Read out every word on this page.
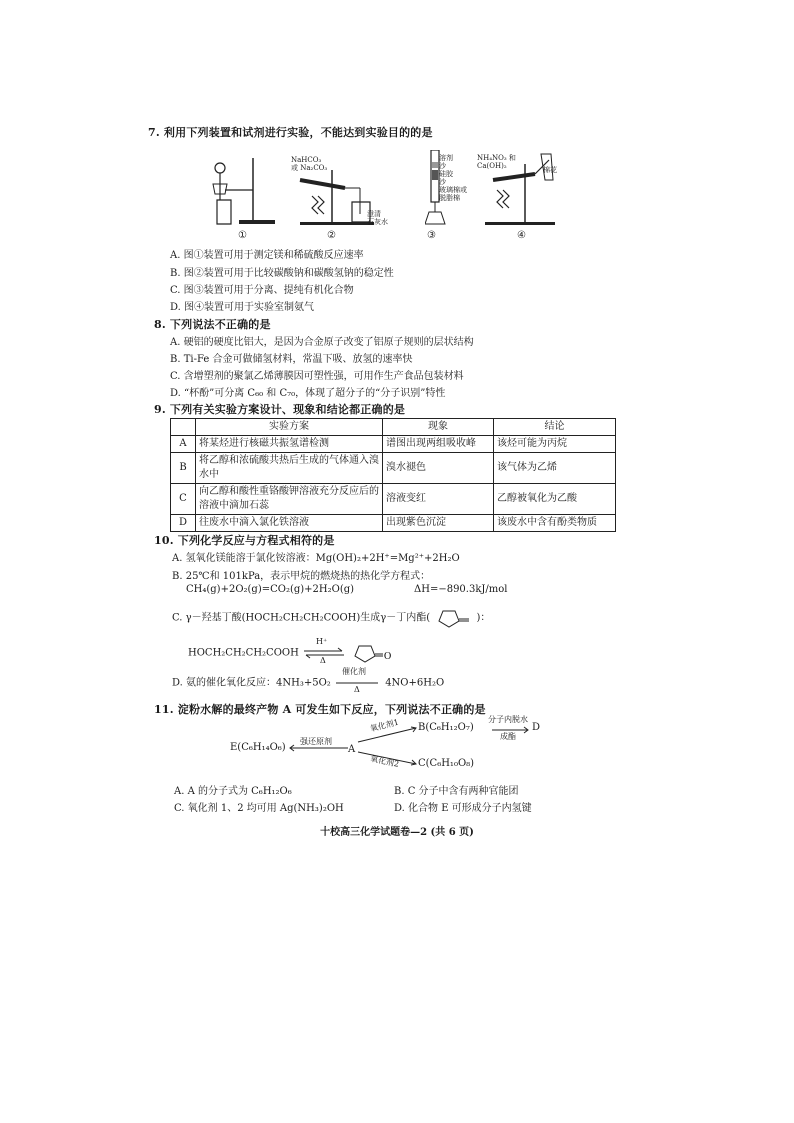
7. 利用下列装置和试剂进行实验，不能达到实验目的的是
①
NaHCO₃
或 Na₂CO₃
澄清
石灰水
②
溶剂
沙
硅胶
沙
玻璃棉或
脱脂棉
③
NH₄NO₃ 和
Ca(OH)₂	棉花
④
A. 图①装置可用于测定镁和稀硫酸反应速率
B. 图②装置可用于比较碳酸钠和碳酸氢钠的稳定性
C. 图③装置可用于分离、提纯有机化合物
D. 图④装置可用于实验室制氨气
8. 下列说法不正确的是
A. 硬铝的硬度比铝大，是因为合金原子改变了铝原子规则的层状结构
B. Ti-Fe 合金可做储氢材料，常温下吸、放氢的速率快
C. 含增塑剂的聚氯乙烯薄膜因可塑性强，可用作生产食品包装材料
D. “杯酚”可分离 C₆₀ 和 C₇₀，体现了超分子的“分子识别”特性
9. 下列有关实验方案设计、现象和结论都正确的是
	实验方案	现象	结论
A	将某烃进行核磁共振氢谱检测	谱图出现两组吸收峰	该烃可能为丙烷
B	将乙醇和浓硫酸共热后生成的气体通入溴水中	溴水褪色	该气体为乙烯
C	向乙醇和酸性重铬酸钾溶液充分反应后的溶液中滴加石蕊	溶液变红	乙醇被氧化为乙酸
D	往废水中滴入氯化铁溶液	出现紫色沉淀	该废水中含有酚类物质
10. 下列化学反应与方程式相符的是
A. 氢氧化镁能溶于氯化铵溶液：Mg(OH)₂+2H⁺=Mg²⁺+2H₂O
B. 25℃和 101kPa，表示甲烷的燃烧热的热化学方程式：
CH₄(g)+2O₂(g)=CO₂(g)+2H₂O(g)	ΔH=−890.3kJ/mol
C. γ－羟基丁酸(HOCH₂CH₂CH₂COOH)生成γ－丁内酯(	)：
HOCH₂CH₂CH₂COOH
H⁺
Δ
	O
D. 氨的催化氧化反应：4NH₃+5O₂
催化剂
Δ
4NO+6H₂O
11. 淀粉水解的最终产物 A 可发生如下反应，下列说法不正确的是
E(C₆H₁₄O₆)	A
B(C₆H₁₂O₇)
C(C₆H₁₀O₈)
D
强还原剂
氧化剂1
氧化剂2
分子内脱水
成酯
A. A 的分子式为 C₆H₁₂O₆	B. C 分子中含有两种官能团
C. 氧化剂 1、2 均可用 Ag(NH₃)₂OH	D. 化合物 E 可形成分子内氢键
十校高三化学试题卷—2 (共 6 页)
